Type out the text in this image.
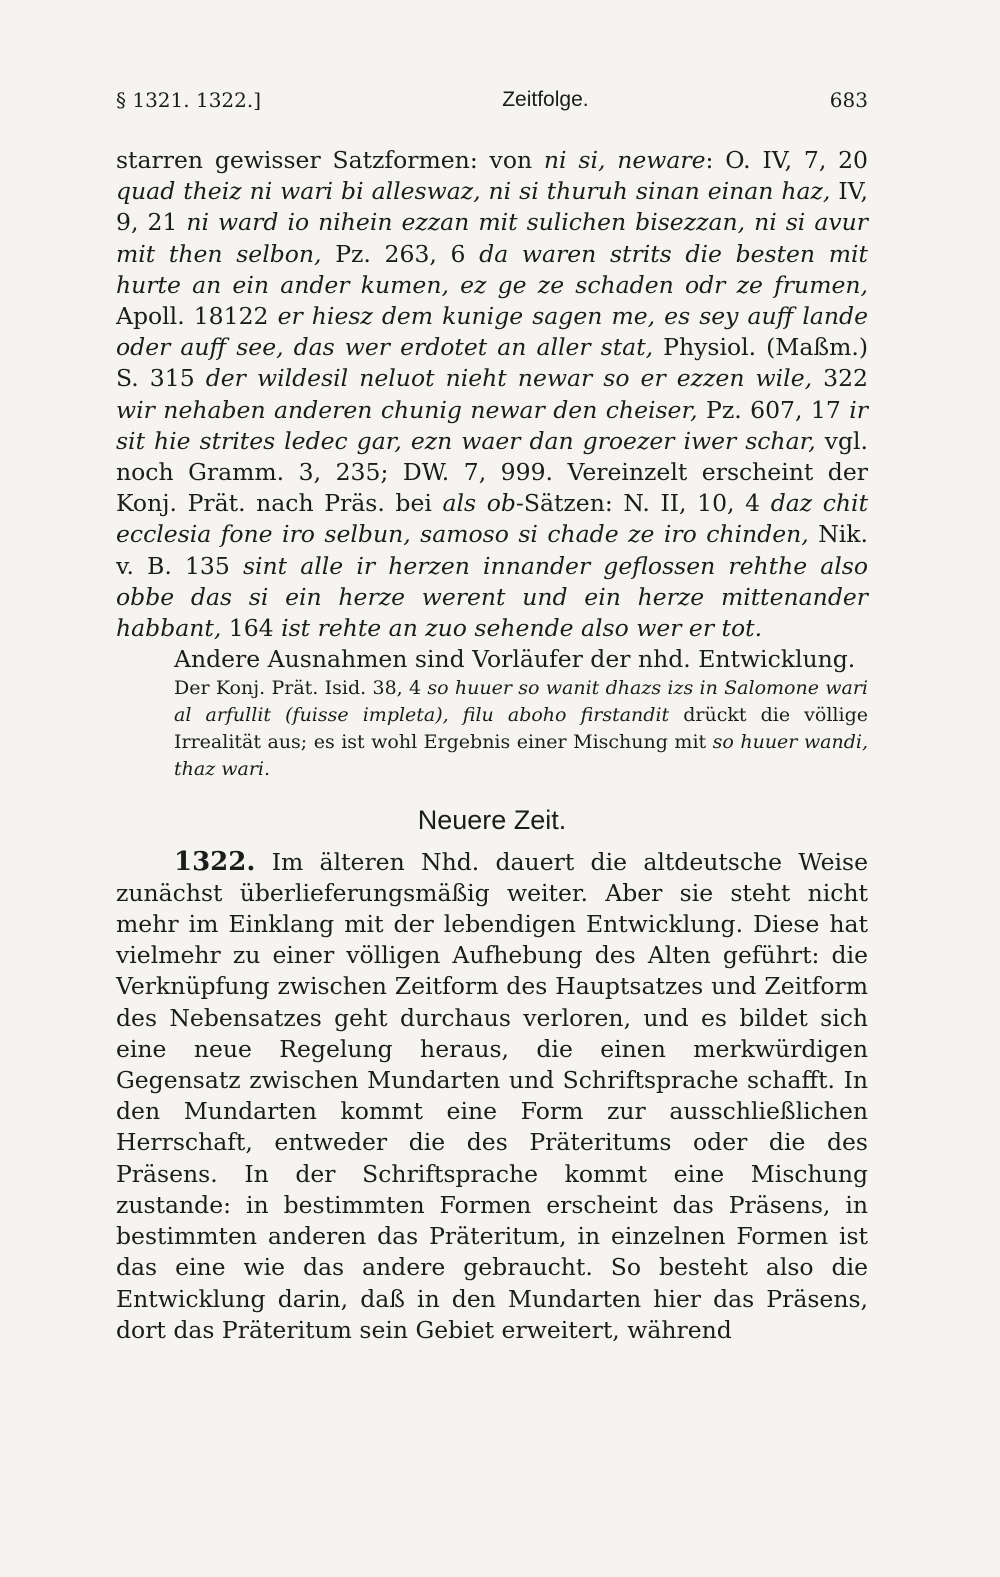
§ 1321. 1322.]	Zeitfolge.	683

starren gewisser Satzformen: von ni si, neware: O. IV, 7, 20 quad theiz ni wari bi alleswaz, ni si thuruh sinan einan haz, IV, 9, 21 ni ward io nihein ezzan mit sulichen bisezzan, ni si avur mit then selbon, Pz. 263, 6 da waren strits die besten mit hurte an ein ander kumen, ez ge ze schaden odr ze frumen, Apoll. 18122 er hiesz dem kunige sagen me, es sey auff lande oder auff see, das wer erdotet an aller stat, Physiol. (Maßm.) S. 315 der wildesil neluot nieht newar so er ezzen wile, 322 wir nehaben anderen chunig newar den cheiser, Pz. 607, 17 ir sit hie strites ledec gar, ezn waer dan groezer iwer schar, vgl. noch Gramm. 3, 235; DW. 7, 999. Vereinzelt erscheint der Konj. Prät. nach Präs. bei als ob-Sätzen: N. II, 10, 4 daz chit ecclesia fone iro selbun, samoso si chade ze iro chinden, Nik. v. B. 135 sint alle ir herzen innander geflossen rehthe also obbe das si ein herze werent und ein herze mittenander habbant, 164 ist rehte an zuo sehende also wer er tot.

Andere Ausnahmen sind Vorläufer der nhd. Entwicklung.

Der Konj. Prät. Isid. 38, 4 so huuer so wanit dhazs izs in Salomone wari al arfullit (fuisse impleta), filu aboho firstandit drückt die völlige Irrealität aus; es ist wohl Ergebnis einer Mischung mit so huuer wandi, thaz wari.

Neuere Zeit.

1322. Im älteren Nhd. dauert die altdeutsche Weise zunächst überlieferungsmäßig weiter. Aber sie steht nicht mehr im Einklang mit der lebendigen Entwicklung. Diese hat vielmehr zu einer völligen Aufhebung des Alten geführt: die Verknüpfung zwischen Zeitform des Hauptsatzes und Zeitform des Nebensatzes geht durchaus verloren, und es bildet sich eine neue Regelung heraus, die einen merkwürdigen Gegensatz zwischen Mundarten und Schriftsprache schafft. In den Mundarten kommt eine Form zur ausschließlichen Herrschaft, entweder die des Präteritums oder die des Präsens. In der Schriftsprache kommt eine Mischung zustande: in bestimmten Formen erscheint das Präsens, in bestimmten anderen das Präteritum, in einzelnen Formen ist das eine wie das andere gebraucht. So besteht also die Entwicklung darin, daß in den Mundarten hier das Präsens, dort das Präteritum sein Gebiet erweitert, während
